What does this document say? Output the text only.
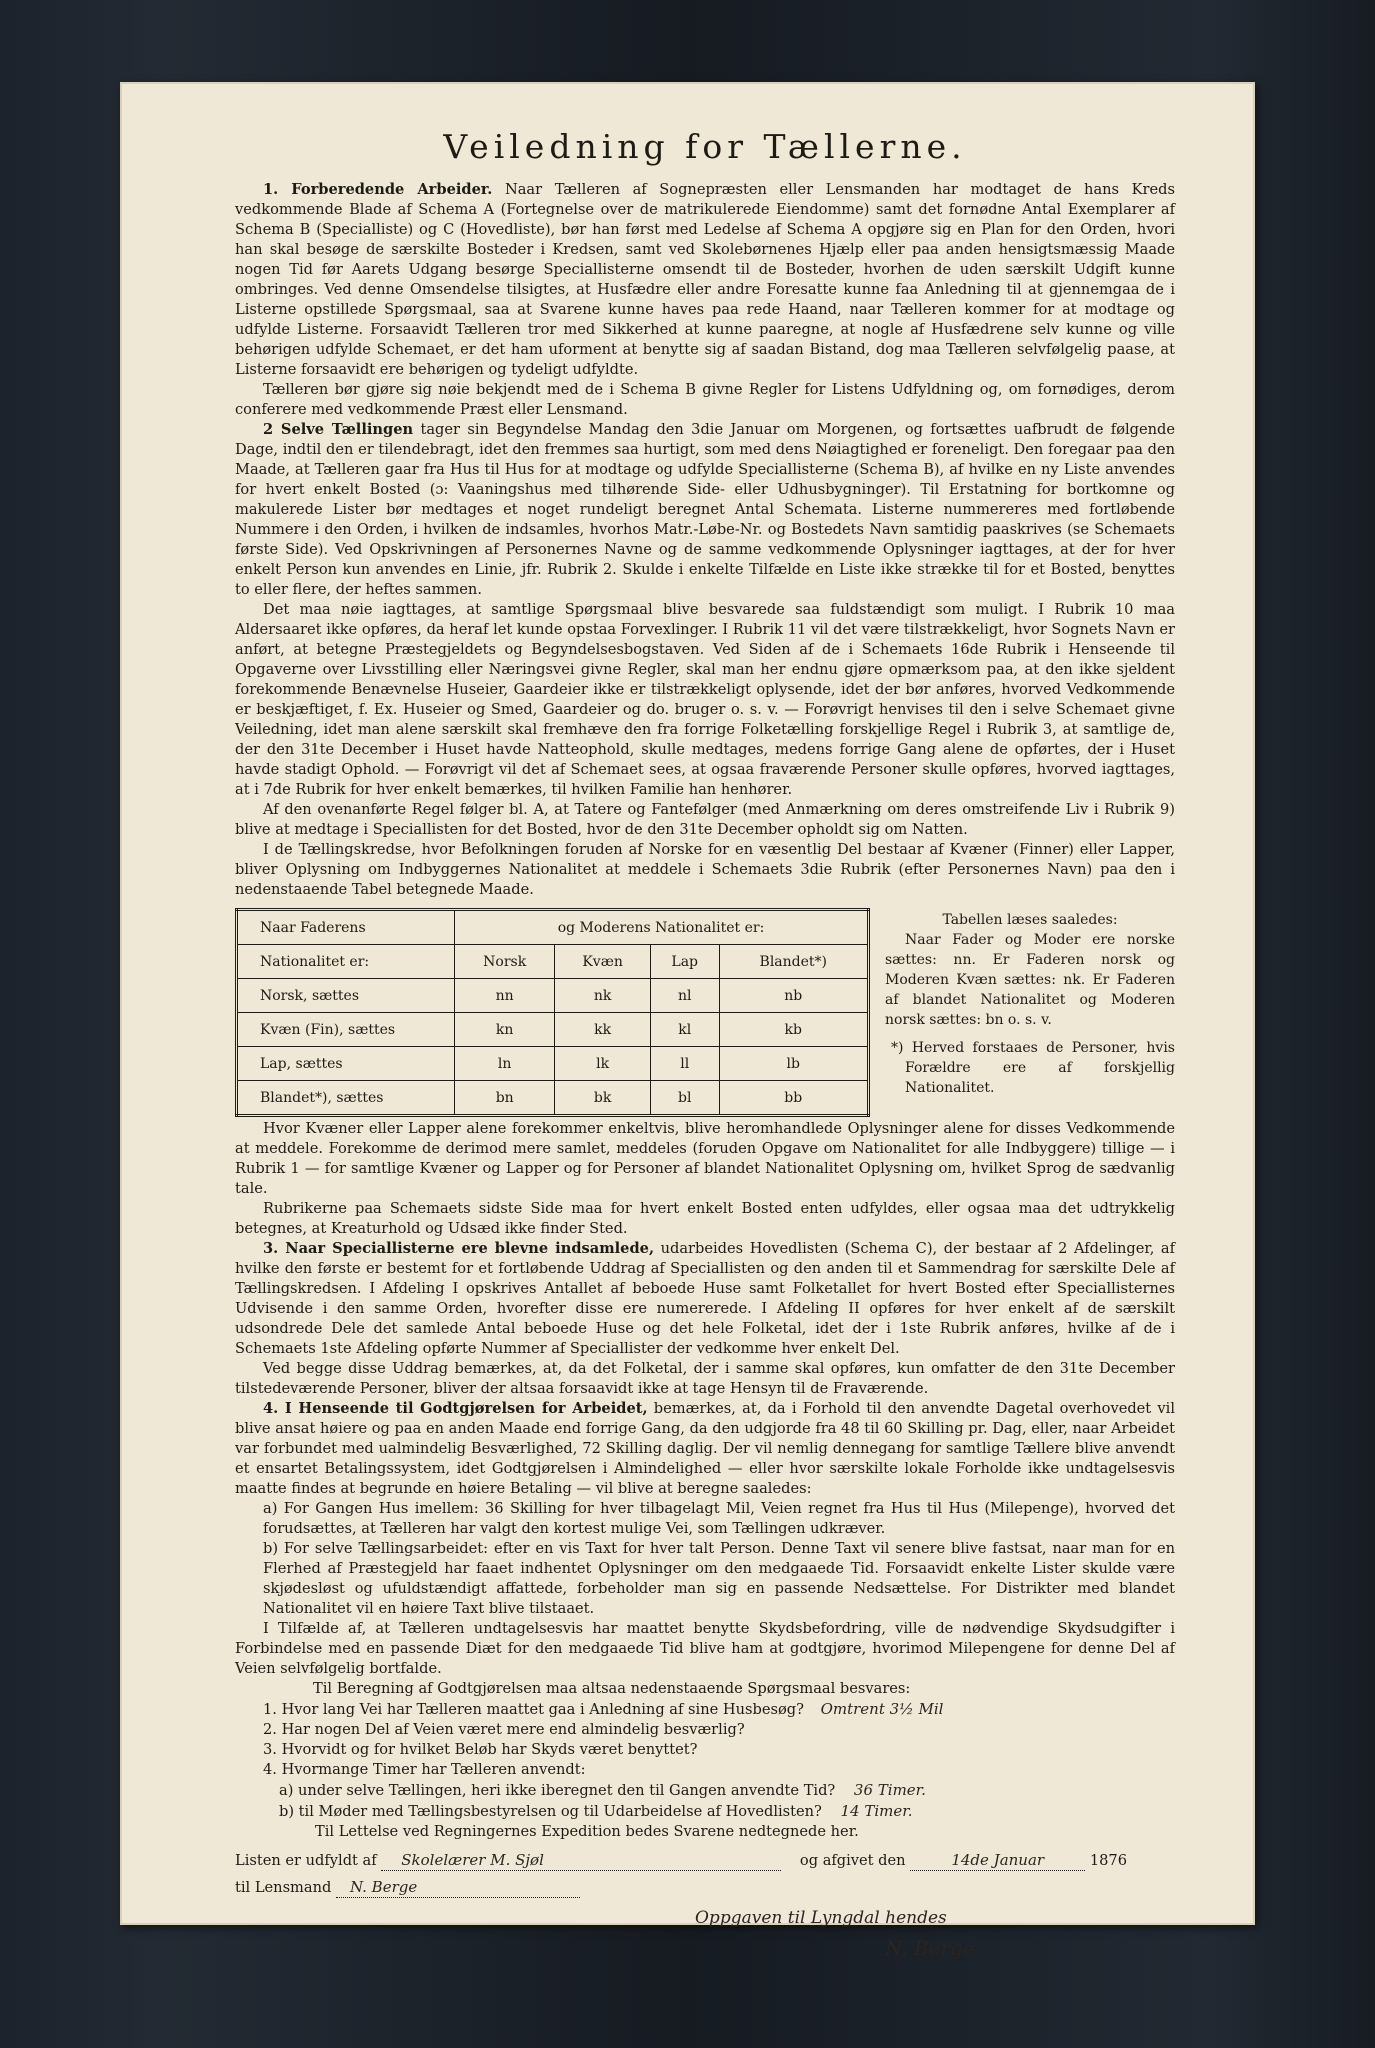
Veiledning for Tællerne.

1. Forberedende Arbeider. Naar Tælleren af Sognepræsten eller Lensmanden har modtaget de hans Kreds vedkommende Blade af Schema A (Fortegnelse over de matrikulerede Eiendomme) samt det fornødne Antal Exemplarer af Schema B (Specialliste) og C (Hovedliste), bør han først med Ledelse af Schema A opgjøre sig en Plan for den Orden, hvori han skal besøge de særskilte Bosteder i Kredsen, samt ved Skolebørnenes Hjælp eller paa anden hensigtsmæssig Maade nogen Tid før Aarets Udgang besørge Speciallisterne omsendt til de Bosteder, hvorhen de uden særskilt Udgift kunne ombringes. Ved denne Omsendelse tilsigtes, at Husfædre eller andre Foresatte kunne faa Anledning til at gjennemgaa de i Listerne opstillede Spørgsmaal, saa at Svarene kunne haves paa rede Haand, naar Tælleren kommer for at modtage og udfylde Listerne. Forsaavidt Tælleren tror med Sikkerhed at kunne paaregne, at nogle af Husfædrene selv kunne og ville behørigen udfylde Schemaet, er det ham uforment at benytte sig af saadan Bistand, dog maa Tælleren selvfølgelig paase, at Listerne forsaavidt ere behørigen og tydeligt udfyldte.

Tælleren bør gjøre sig nøie bekjendt med de i Schema B givne Regler for Listens Udfyldning og, om fornødiges, derom conferere med vedkommende Præst eller Lensmand.

2 Selve Tællingen tager sin Begyndelse Mandag den 3die Januar om Morgenen, og fortsættes uafbrudt de følgende Dage, indtil den er tilendebragt, idet den fremmes saa hurtigt, som med dens Nøiagtighed er foreneligt. Den foregaar paa den Maade, at Tælleren gaar fra Hus til Hus for at modtage og udfylde Speciallisterne (Schema B), af hvilke en ny Liste anvendes for hvert enkelt Bosted (ɔ: Vaaningshus med tilhørende Side- eller Udhusbygninger). Til Erstatning for bortkomne og makulerede Lister bør medtages et noget rundeligt beregnet Antal Schemata. Listerne nummereres med fortløbende Nummere i den Orden, i hvilken de indsamles, hvorhos Matr.-Løbe-Nr. og Bostedets Navn samtidig paaskrives (se Schemaets første Side). Ved Opskrivningen af Personernes Navne og de samme vedkommende Oplysninger iagttages, at der for hver enkelt Person kun anvendes en Linie, jfr. Rubrik 2. Skulde i enkelte Tilfælde en Liste ikke strække til for et Bosted, benyttes to eller flere, der heftes sammen.

Det maa nøie iagttages, at samtlige Spørgsmaal blive besvarede saa fuldstændigt som muligt. I Rubrik 10 maa Aldersaaret ikke opføres, da heraf let kunde opstaa Forvexlinger. I Rubrik 11 vil det være tilstrækkeligt, hvor Sognets Navn er anført, at betegne Præstegjeldets og Begyndelsesbogstaven. Ved Siden af de i Schemaets 16de Rubrik i Henseende til Opgaverne over Livsstilling eller Næringsvei givne Regler, skal man her endnu gjøre opmærksom paa, at den ikke sjeldent forekommende Benævnelse Huseier, Gaardeier ikke er tilstrækkeligt oplysende, idet der bør anføres, hvorved Vedkommende er beskjæftiget, f. Ex. Huseier og Smed, Gaardeier og do. bruger o. s. v. — Forøvrigt henvises til den i selve Schemaet givne Veiledning, idet man alene særskilt skal fremhæve den fra forrige Folketælling forskjellige Regel i Rubrik 3, at samtlige de, der den 31te December i Huset havde Natteophold, skulle medtages, medens forrige Gang alene de opførtes, der i Huset havde stadigt Ophold. — Forøvrigt vil det af Schemaet sees, at ogsaa fraværende Personer skulle opføres, hvorved iagttages, at i 7de Rubrik for hver enkelt bemærkes, til hvilken Familie han henhører.

Af den ovenanførte Regel følger bl. A, at Tatere og Fantefølger (med Anmærkning om deres omstreifende Liv i Rubrik 9) blive at medtage i Speciallisten for det Bosted, hvor de den 31te December opholdt sig om Natten.

I de Tællingskredse, hvor Befolkningen foruden af Norske for en væsentlig Del bestaar af Kvæner (Finner) eller Lapper, bliver Oplysning om Indbyggernes Nationalitet at meddele i Schemaets 3die Rubrik (efter Personernes Navn) paa den i nedenstaaende Tabel betegnede Maade.

Naar Faderens	og Moderens Nationalitet er:			
Nationalitet er:	Norsk	Kvæn	Lap	Blandet*)
Norsk, sættes	nn	nk	nl	nb
Kvæn (Fin), sættes	kn	kk	kl	kb
Lap, sættes	ln	lk	ll	lb
Blandet*), sættes	bn	bk	bl	bb
Tabellen læses saaledes:
Naar Fader og Moder ere norske sættes: nn. Er Faderen norsk og Moderen Kvæn sættes: nk. Er Faderen af blandet Nationalitet og Moderen norsk sættes: bn o. s. v.
*) Herved forstaaes de Personer, hvis Forældre ere af forskjellig Nationalitet.

Hvor Kvæner eller Lapper alene forekommer enkeltvis, blive heromhandlede Oplysninger alene for disses Vedkommende at meddele. Forekomme de derimod mere samlet, meddeles (foruden Opgave om Nationalitet for alle Indbyggere) tillige — i Rubrik 1 — for samtlige Kvæner og Lapper og for Personer af blandet Nationalitet Oplysning om, hvilket Sprog de sædvanlig tale.

Rubrikerne paa Schemaets sidste Side maa for hvert enkelt Bosted enten udfyldes, eller ogsaa maa det udtrykkelig betegnes, at Kreaturhold og Udsæd ikke finder Sted.

3. Naar Speciallisterne ere blevne indsamlede, udarbeides Hovedlisten (Schema C), der bestaar af 2 Afdelinger, af hvilke den første er bestemt for et fortløbende Uddrag af Speciallisten og den anden til et Sammendrag for særskilte Dele af Tællingskredsen. I Afdeling I opskrives Antallet af beboede Huse samt Folketallet for hvert Bosted efter Speciallisternes Udvisende i den samme Orden, hvorefter disse ere numererede. I Afdeling II opføres for hver enkelt af de særskilt udsondrede Dele det samlede Antal beboede Huse og det hele Folketal, idet der i 1ste Rubrik anføres, hvilke af de i Schemaets 1ste Afdeling opførte Nummer af Speciallister der vedkomme hver enkelt Del.

Ved begge disse Uddrag bemærkes, at, da det Folketal, der i samme skal opføres, kun omfatter de den 31te December tilstedeværende Personer, bliver der altsaa forsaavidt ikke at tage Hensyn til de Fraværende.

4. I Henseende til Godtgjørelsen for Arbeidet, bemærkes, at, da i Forhold til den anvendte Dagetal overhovedet vil blive ansat høiere og paa en anden Maade end forrige Gang, da den udgjorde fra 48 til 60 Skilling pr. Dag, eller, naar Arbeidet var forbundet med ualmindelig Besværlighed, 72 Skilling daglig. Der vil nemlig dennegang for samtlige Tællere blive anvendt et ensartet Betalingssystem, idet Godtgjørelsen i Almindelighed — eller hvor særskilte lokale Forholde ikke undtagelsesvis maatte findes at begrunde en høiere Betaling — vil blive at beregne saaledes:

a) For Gangen Hus imellem: 36 Skilling for hver tilbagelagt Mil, Veien regnet fra Hus til Hus (Milepenge), hvorved det forudsættes, at Tælleren har valgt den kortest mulige Vei, som Tællingen udkræver.

b) For selve Tællingsarbeidet: efter en vis Taxt for hver talt Person. Denne Taxt vil senere blive fastsat, naar man for en Flerhed af Præstegjeld har faaet indhentet Oplysninger om den medgaaede Tid. Forsaavidt enkelte Lister skulde være skjødesløst og ufuldstændigt affattede, forbeholder man sig en passende Nedsættelse. For Distrikter med blandet Nationalitet vil en høiere Taxt blive tilstaaet.

I Tilfælde af, at Tælleren undtagelsesvis har maattet benytte Skydsbefordring, ville de nødvendige Skydsudgifter i Forbindelse med en passende Diæt for den medgaaede Tid blive ham at godtgjøre, hvorimod Milepengene for denne Del af Veien selvfølgelig bortfalde.

Til Beregning af Godtgjørelsen maa altsaa nedenstaaende Spørgsmaal besvares:

1. Hvor lang Vei har Tælleren maattet gaa i Anledning af sine Husbesøg? Omtrent 3½ Mil
2. Har nogen Del af Veien været mere end almindelig besværlig?
3. Hvorvidt og for hvilket Beløb har Skyds været benyttet?
4. Hvormange Timer har Tælleren anvendt:
a) under selve Tællingen, heri ikke iberegnet den til Gangen anvendte Tid? 36 Timer.
b) til Møder med Tællingsbestyrelsen og til Udarbeidelse af Hovedlisten? 14 Timer.
Til Lettelse ved Regningernes Expedition bedes Svarene nedtegnede her.
Listen er udfyldt af Skolelærer M. Sjøl	og afgivet den	14de Januar	1876
til Lensmand N. Berge
Oppgaven til Lyngdal hendes
N. Berge
